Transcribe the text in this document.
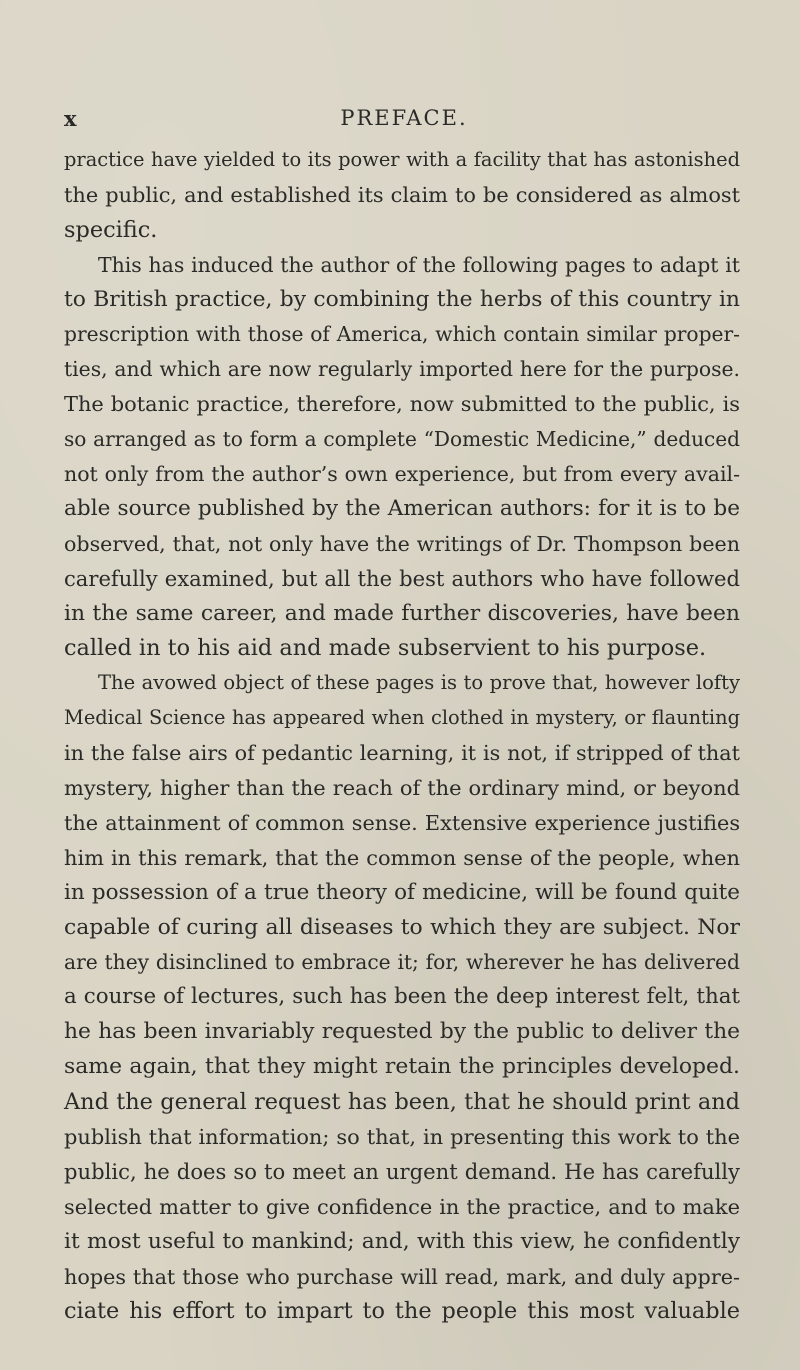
x	PREFACE.
practice have yielded to its power with a facility that has astonished
the public, and established its claim to be considered as almost
specific.
This has induced the author of the following pages to adapt it
to British practice, by combining the herbs of this country in
prescription with those of America, which contain similar proper-
ties, and which are now regularly imported here for the purpose.
The botanic practice, therefore, now submitted to the public, is
so arranged as to form a complete “Domestic Medicine,” deduced
not only from the author’s own experience, but from every avail-
able source published by the American authors: for it is to be
observed, that, not only have the writings of Dr. Thompson been
carefully examined, but all the best authors who have followed
in the same career, and made further discoveries, have been
called in to his aid and made subservient to his purpose.
The avowed object of these pages is to prove that, however lofty
Medical Science has appeared when clothed in mystery, or flaunting
in the false airs of pedantic learning, it is not, if stripped of that
mystery, higher than the reach of the ordinary mind, or beyond
the attainment of common sense. Extensive experience justifies
him in this remark, that the common sense of the people, when
in possession of a true theory of medicine, will be found quite
capable of curing all diseases to which they are subject. Nor
are they disinclined to embrace it; for, wherever he has delivered
a course of lectures, such has been the deep interest felt, that
he has been invariably requested by the public to deliver the
same again, that they might retain the principles developed.
And the general request has been, that he should print and
publish that information; so that, in presenting this work to the
public, he does so to meet an urgent demand. He has carefully
selected matter to give confidence in the practice, and to make
it most useful to mankind; and, with this view, he confidently
hopes that those who purchase will read, mark, and duly appre-
ciate his effort to impart to the people this most valuable
